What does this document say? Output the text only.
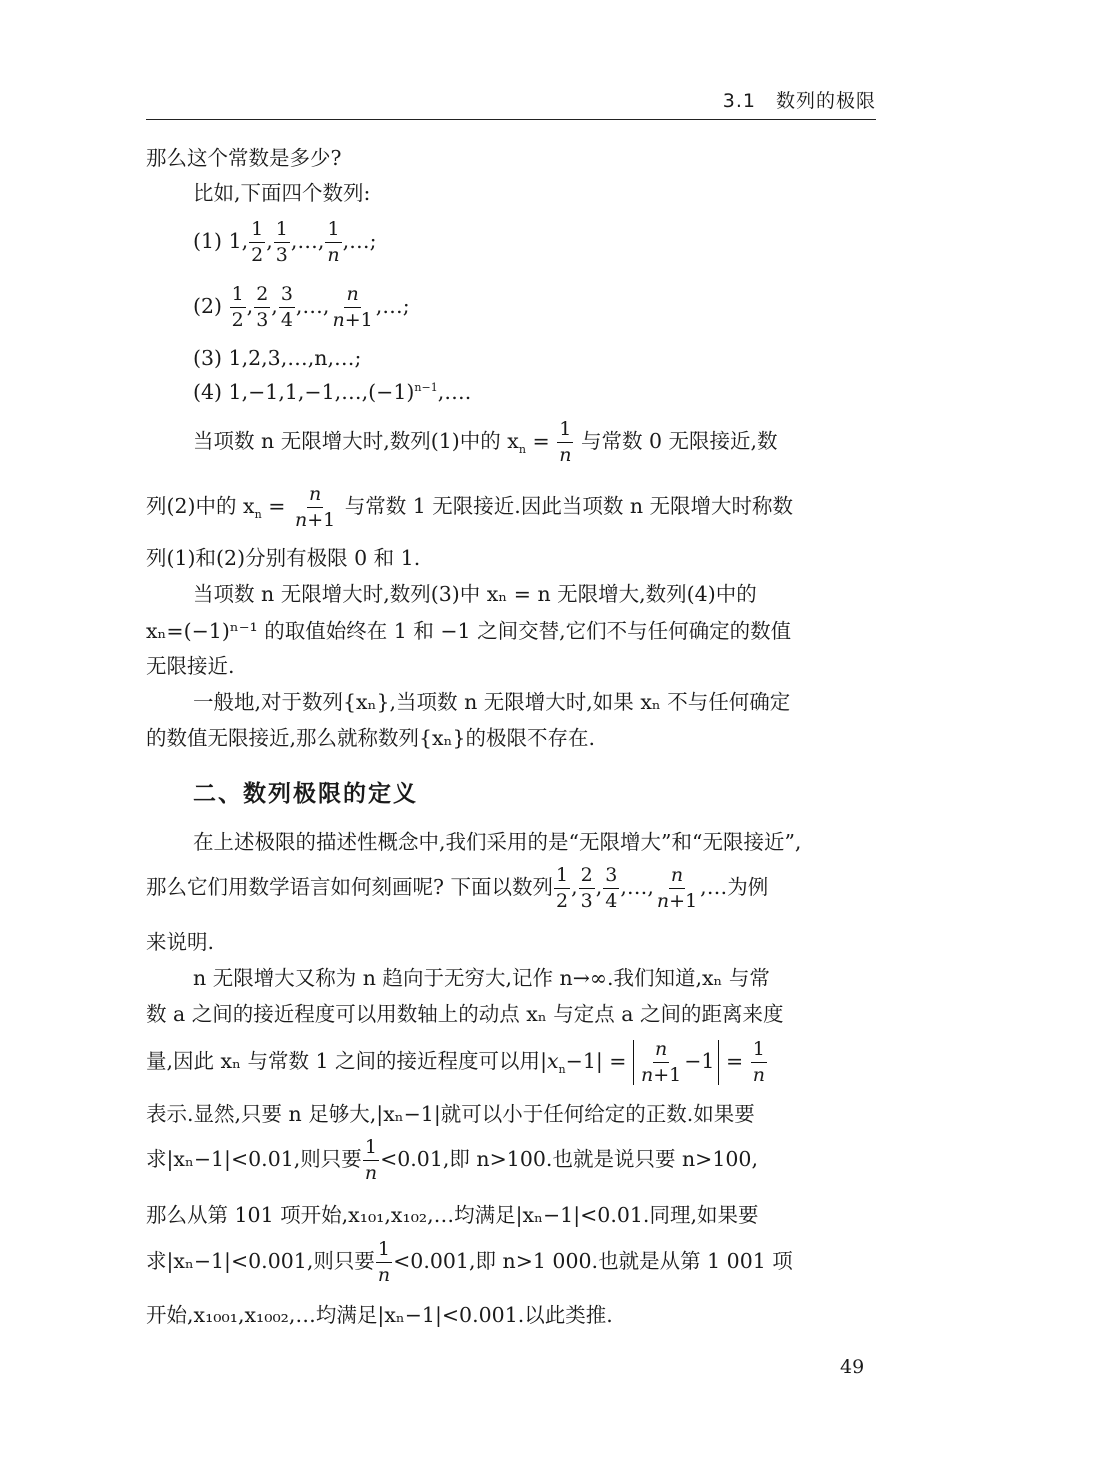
3.1　数列的极限
那么这个常数是多少?
比如,下面四个数列:
(1) 1, $\frac{1}{2}$ , $\frac{1}{3}$ ,…, $\frac{1}{n}$ ,…;
$(2) \frac{1}{2}$ , $\frac{2}{3}$ , $\frac{3}{4}$ ,…, $\frac{n}{n+1}$ ,…;
(3) 1,2,3,…,n,…;
(4) $1,-1,1,-1,\dots,(-1)^{n-1},\dots$.
当项数 n 无限增大时,数列(1)中的 $x_n = \frac{1}{n}$ 与常数 0 无限接近,数
列(2)中的 $x_n = \frac{n}{n+1}$ 与常数 1 无限接近.因此当项数 n 无限增大时称数
列(1)和(2)分别有极限 0 和 1.
当项数 n 无限增大时,数列(3)中 xₙ = n 无限增大,数列(4)中的
xₙ=(−1)ⁿ⁻¹ 的取值始终在 1 和 −1 之间交替,它们不与任何确定的数值
无限接近.
一般地,对于数列{xₙ},当项数 n 无限增大时,如果 xₙ 不与任何确定
的数值无限接近,那么就称数列{xₙ}的极限不存在.
二、数列极限的定义
在上述极限的描述性概念中,我们采用的是“无限增大”和“无限接近”,
那么它们用数学语言如何刻画呢? 下面以数列 $\frac{1}{2}$ , $\frac{2}{3}$ , $\frac{3}{4}$ ,…, $\frac{n}{n+1}$ ,…为例
来说明.
n 无限增大又称为 n 趋向于无穷大,记作 n→∞.我们知道,xₙ 与常
数 a 之间的接近程度可以用数轴上的动点 xₙ 与定点 a 之间的距离来度
量,因此 xₙ 与常数 1 之间的接近程度可以用$|x_n-1| = \frac{n}{n+1} -1 = \frac{1}{n}$
表示.显然,只要 n 足够大,|xₙ−1|就可以小于任何给定的正数.如果要
求|xₙ−1|<0.01,则只要 $\frac{1}{n} <0.01$,即 n>100.也就是说只要 n>100,
那么从第 101 项开始,x₁₀₁,x₁₀₂,…均满足|xₙ−1|<0.01.同理,如果要
求|xₙ−1|<0.001,则只要 $\frac{1}{n} <0.001$,即 n>1 000.也就是从第 1 001 项
开始,x₁₀₀₁,x₁₀₀₂,…均满足|xₙ−1|<0.001.以此类推.
49
